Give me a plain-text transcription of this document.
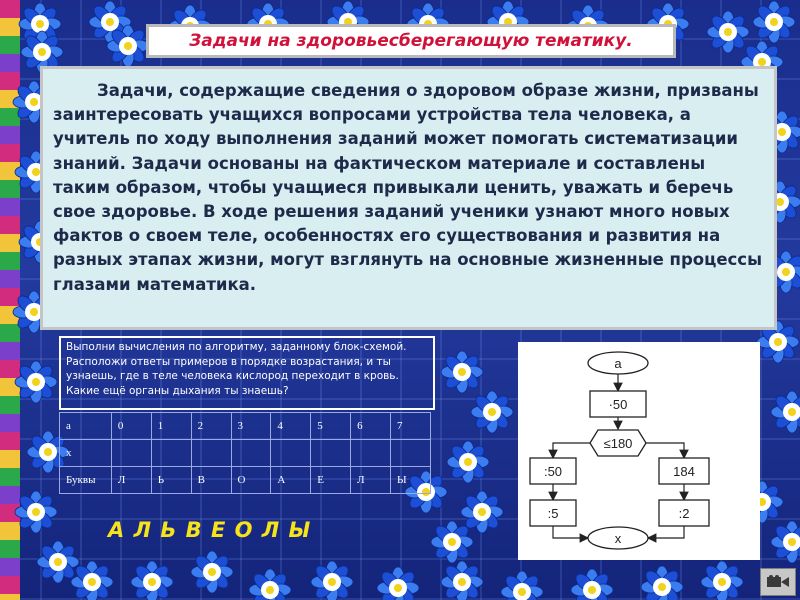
Задачи на здоровьесберегающую тематику.

Задачи, содержащие сведения о здоровом образе жизни, призваны заинтересовать учащихся вопросами устройства тела человека, а учитель по ходу выполнения заданий может помогать систематизации знаний. Задачи основаны на фактическом материале и составлены таким образом, чтобы учащиеся привыкали ценить, уважать и беречь свое здоровье. В ходе решения заданий ученики узнают много новых фактов о своем теле, особенностях его существования и развития на разных этапах жизни, могут взглянуть на основные жизненные процессы глазами математика.

Выполни вычисления по алгоритму, заданному блок-схемой. Расположи ответы примеров в порядке возрастания, и ты узнаешь, где в теле человека кислород переходит в кровь. Какие ещё органы дыхания ты знаешь?
а	0	1	2	3	4	5	6	7
х								
Буквы	Л	Ь	В	О	А	Е	Л	Ы
А Л Ь В Е О Л Ы
а
·50
≤180
:50
:5
184
:2
х
